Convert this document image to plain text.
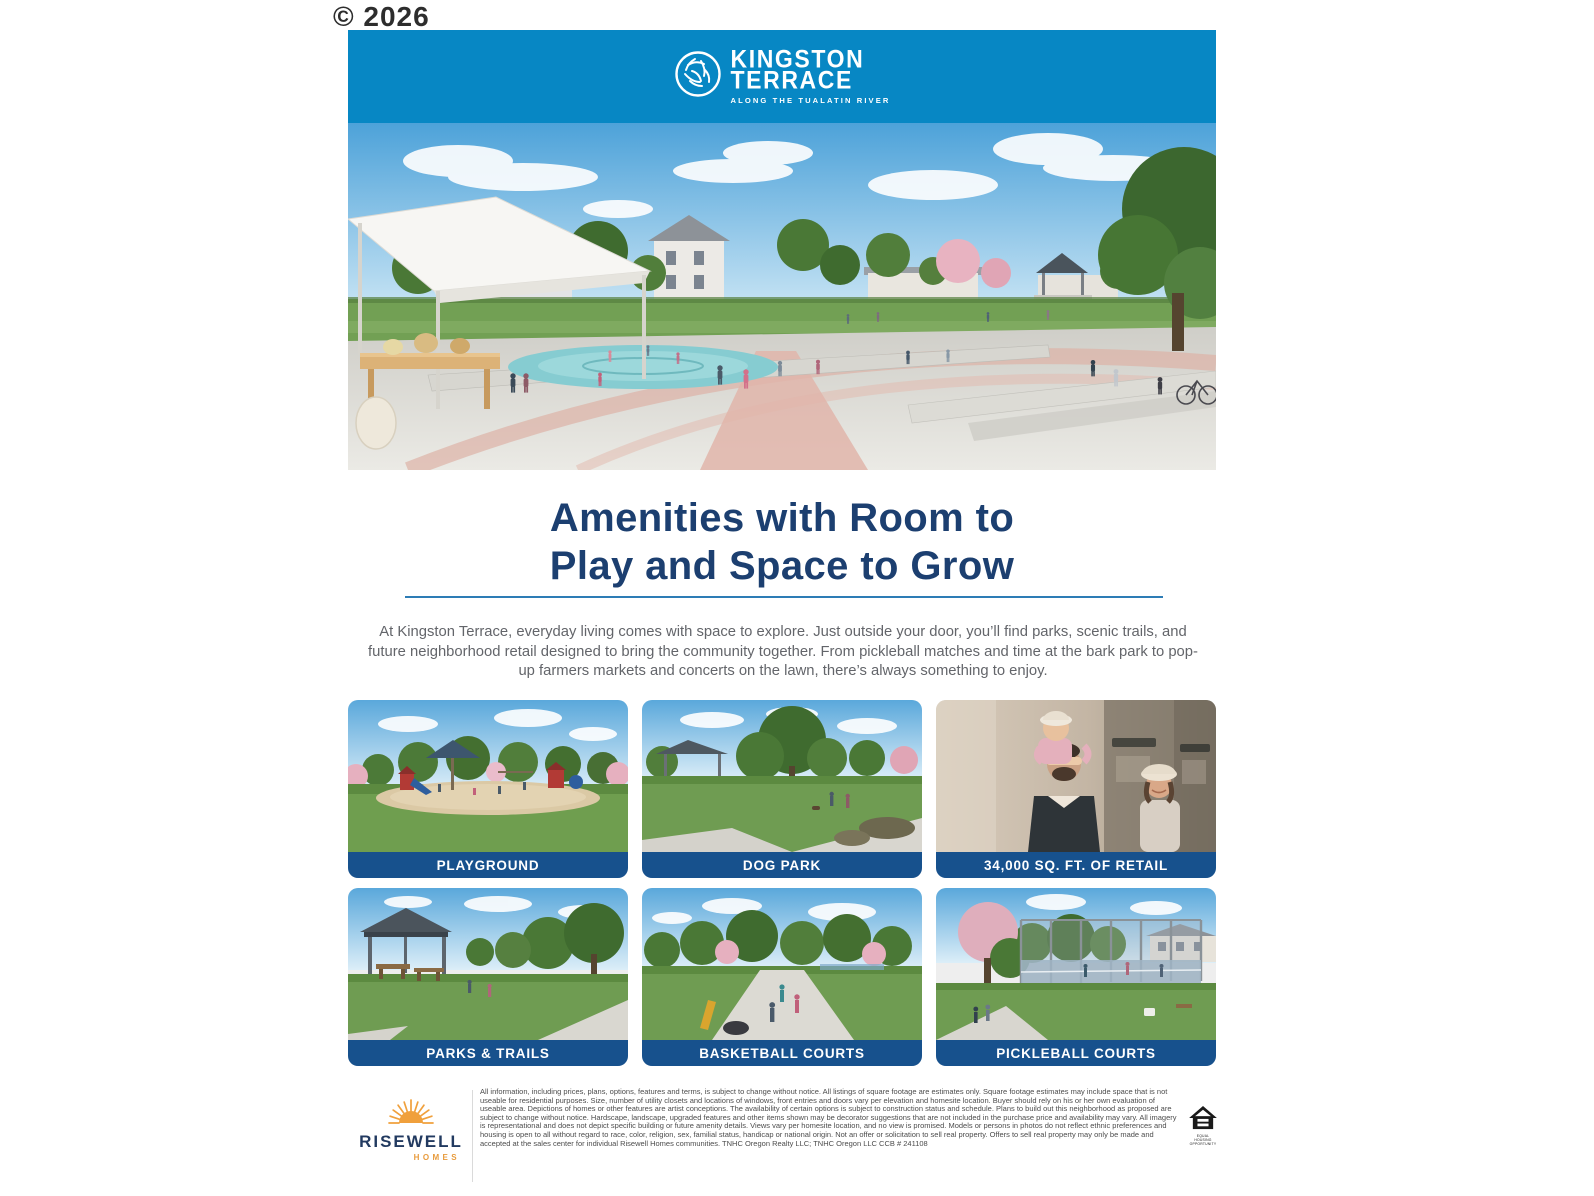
© 2026
KINGSTON
TERRACE
ALONG THE TUALATIN RIVER
Amenities with Room to
Play and Space to Grow
At Kingston Terrace, everyday living comes with space to explore. Just outside your door, you’ll find parks, scenic trails, and future neighborhood retail designed to bring the community together. From pickleball matches and time at the bark park to pop-up farmers markets and concerts on the lawn, there’s always something to enjoy.
PLAYGROUND	DOG PARK	34,000 SQ. FT. OF RETAIL
PARKS & TRAILS	BASKETBALL COURTS	PICKLEBALL COURTS
RISEWELL
HOMES
All information, including prices, plans, options, features and terms, is subject to change without notice. All listings of square footage are estimates only. Square footage estimates may include space that is not useable for residential purposes. Size, number of utility closets and locations of windows, front entries and doors vary per elevation and homesite location. Buyer should rely on his or her own evaluation of useable area. Depictions of homes or other features are artist conceptions. The availability of certain options is subject to construction status and schedule. Plans to build out this neighborhood as proposed are subject to change without notice. Hardscape, landscape, upgraded features and other items shown may be decorator suggestions that are not included in the purchase price and availability may vary. All imagery is representational and does not depict specific building or future amenity details. Views vary per homesite location, and no view is promised. Models or persons in photos do not reflect ethnic preferences and housing is open to all without regard to race, color, religion, sex, familial status, handicap or national origin. Not an offer or solicitation to sell real property. Offers to sell real property may only be made and accepted at the sales center for individual Risewell Homes communities. TNHC Oregon Realty LLC; TNHC Oregon LLC CCB # 241108
EQUAL HOUSING OPPORTUNITY
